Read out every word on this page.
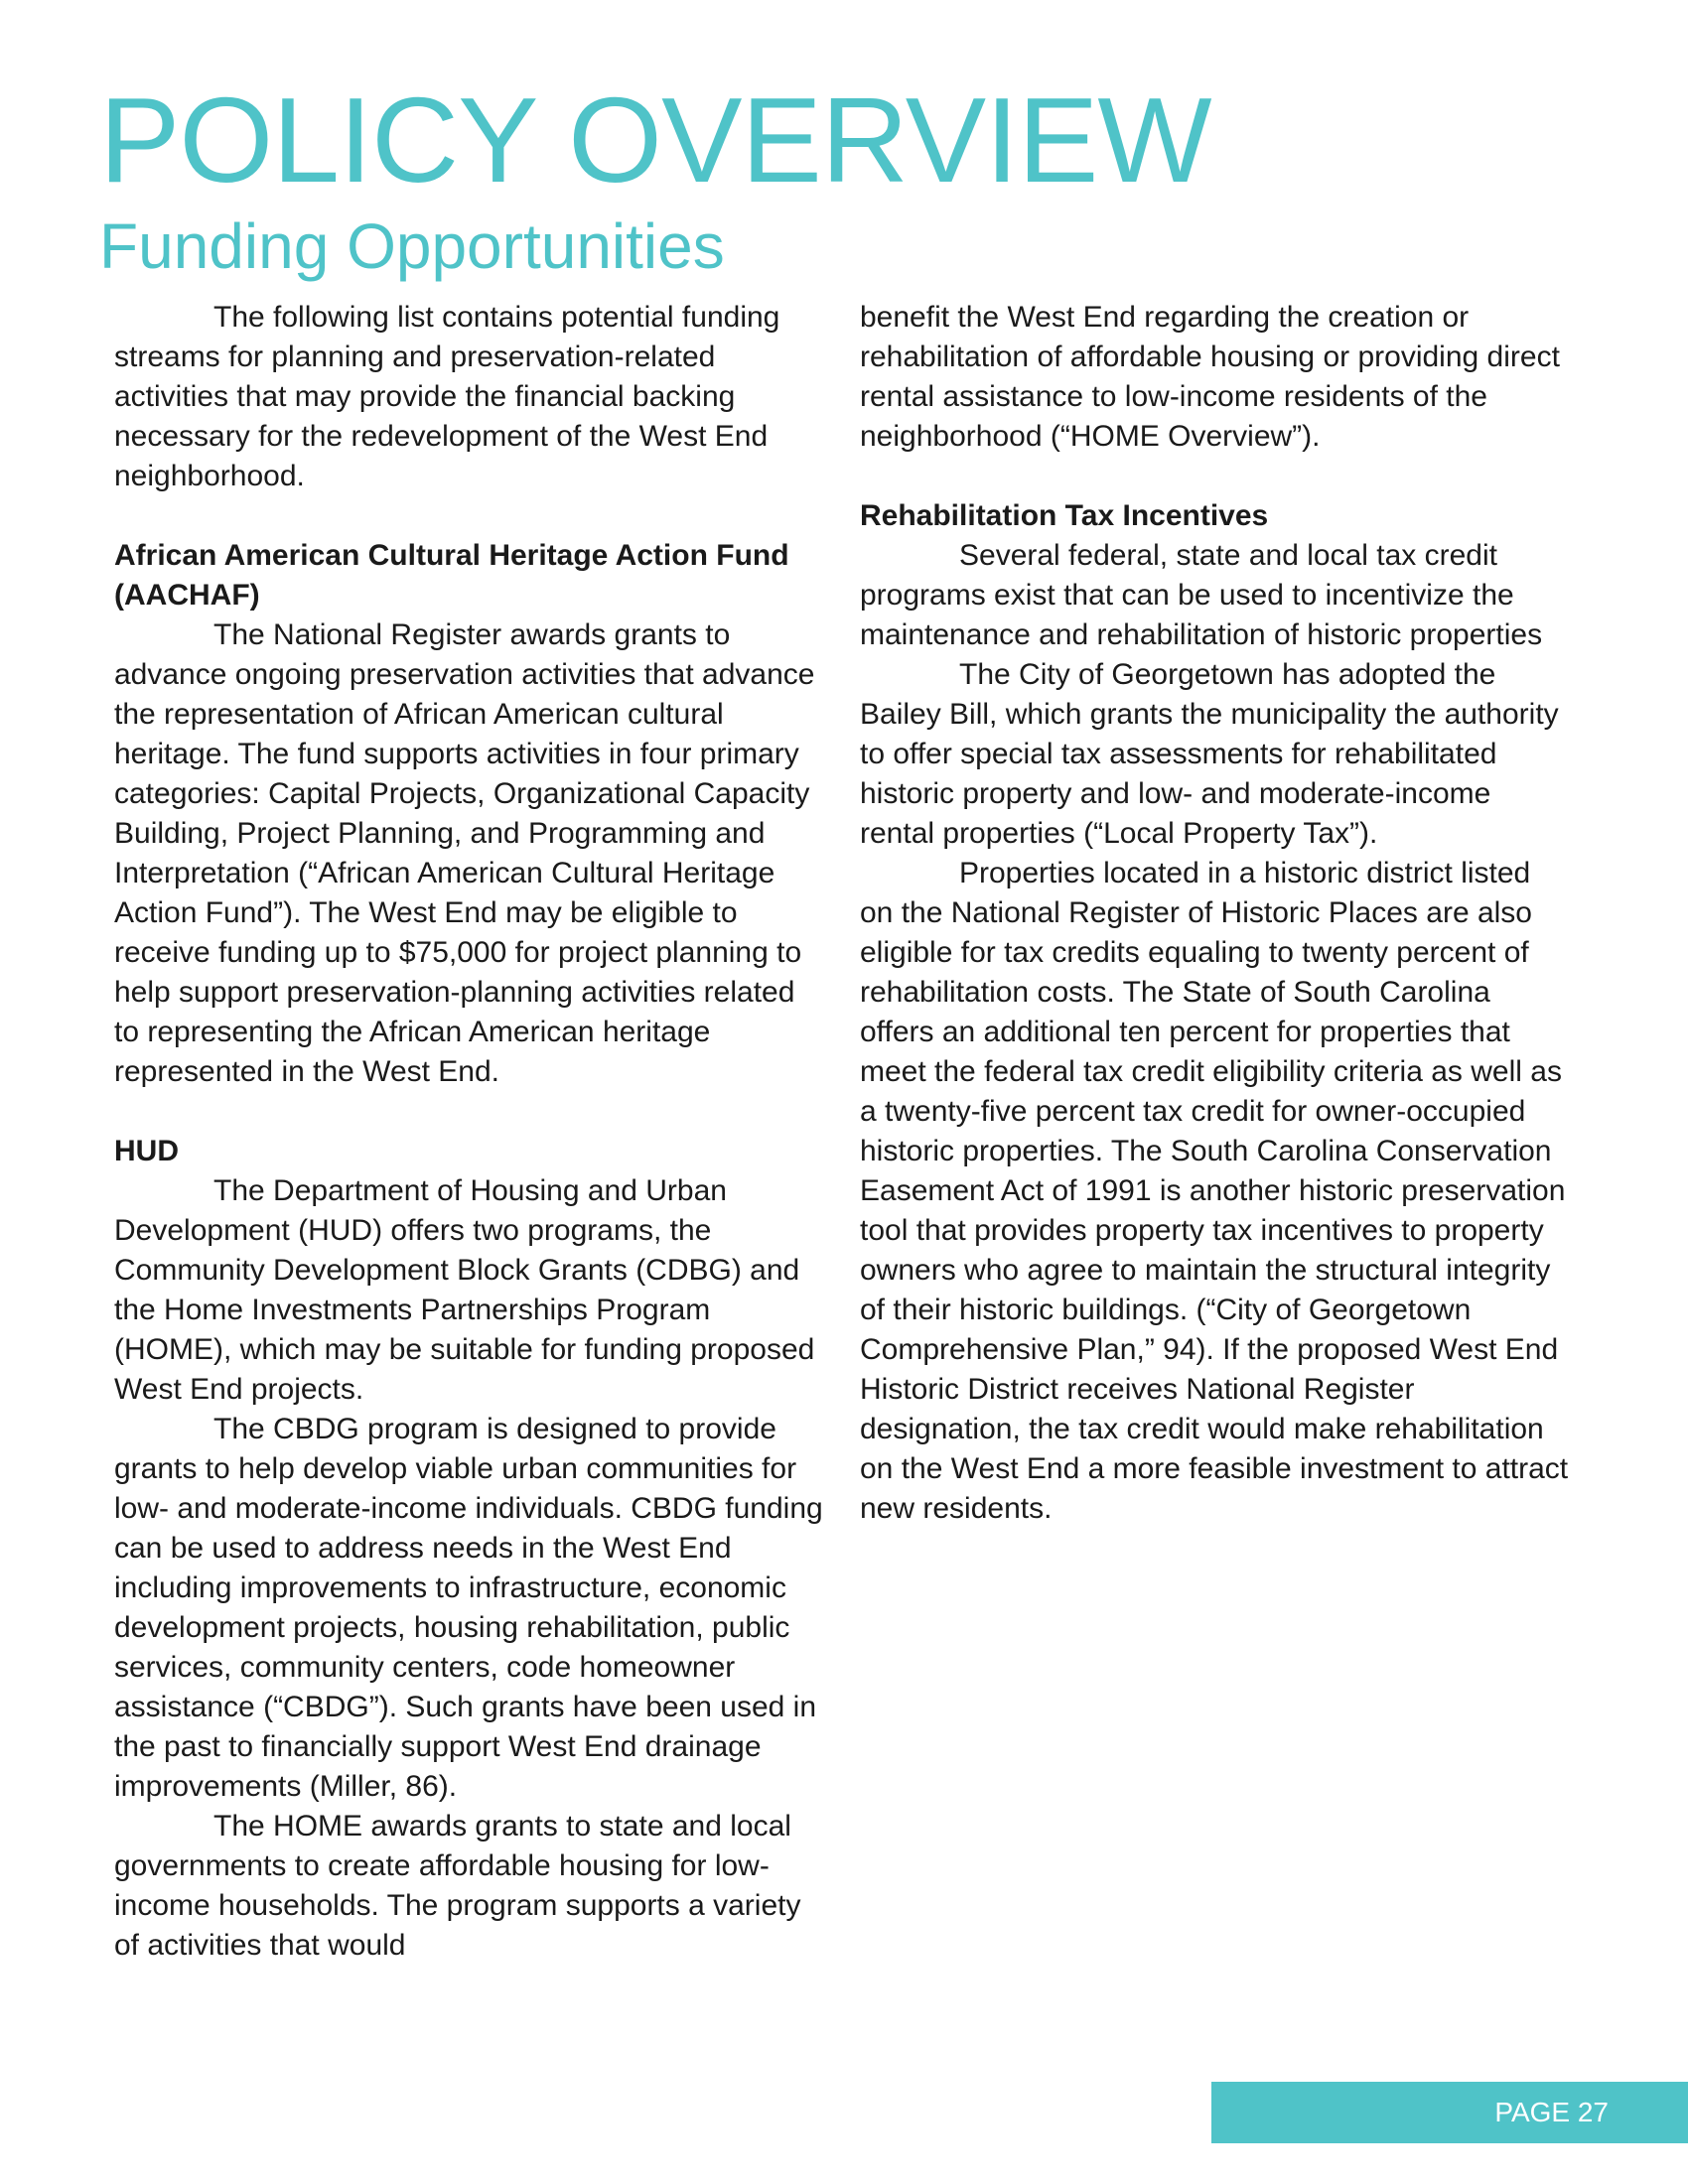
POLICY OVERVIEW
Funding Opportunities

The following list contains potential funding streams for planning and preservation-related activities that may provide the financial backing necessary for the redevelopment of the West End neighborhood.

African American Cultural Heritage Action Fund (AACHAF)

The National Register awards grants to advance ongoing preservation activities that advance the representation of African American cultural heritage. The fund supports activities in four primary categories: Capital Projects, Organizational Capacity Building, Project Planning, and Programming and Interpretation (“African American Cultural Heritage Action Fund”). The West End may be eligible to receive funding up to $75,000 for project planning to help support preservation-planning activities related to representing the African American heritage represented in the West End.

HUD

The Department of Housing and Urban Development (HUD) offers two programs, the Community Development Block Grants (CDBG) and the Home Investments Partnerships Program (HOME), which may be suitable for funding proposed West End projects.

The CBDG program is designed to provide grants to help develop viable urban communities for low- and moderate-income individuals. CBDG funding can be used to address needs in the West End including improvements to infrastructure, economic development projects, housing rehabilitation, public services, community centers, code homeowner assistance (“CBDG”). Such grants have been used in the past to financially support West End drainage improvements (Miller, 86).

The HOME awards grants to state and local governments to create affordable housing for low-income households. The program supports a variety of activities that would

benefit the West End regarding the creation or rehabilitation of affordable housing or providing direct rental assistance to low-income residents of the neighborhood (“HOME Overview”).

Rehabilitation Tax Incentives

Several federal, state and local tax credit programs exist that can be used to incentivize the maintenance and rehabilitation of historic properties

The City of Georgetown has adopted the Bailey Bill, which grants the municipality the authority to offer special tax assessments for rehabilitated historic property and low- and moderate-income rental properties (“Local Property Tax”).

Properties located in a historic district listed on the National Register of Historic Places are also eligible for tax credits equaling to twenty percent of rehabilitation costs. The State of South Carolina offers an additional ten percent for properties that meet the federal tax credit eligibility criteria as well as a twenty-five percent tax credit for owner-occupied historic properties. The South Carolina Conservation Easement Act of 1991 is another historic preservation tool that provides property tax incentives to property owners who agree to maintain the structural integrity of their historic buildings. (“City of Georgetown Comprehensive Plan,” 94). If the proposed West End Historic District receives National Register designation, the tax credit would make rehabilitation on the West End a more feasible investment to attract new residents.

PAGE 27
